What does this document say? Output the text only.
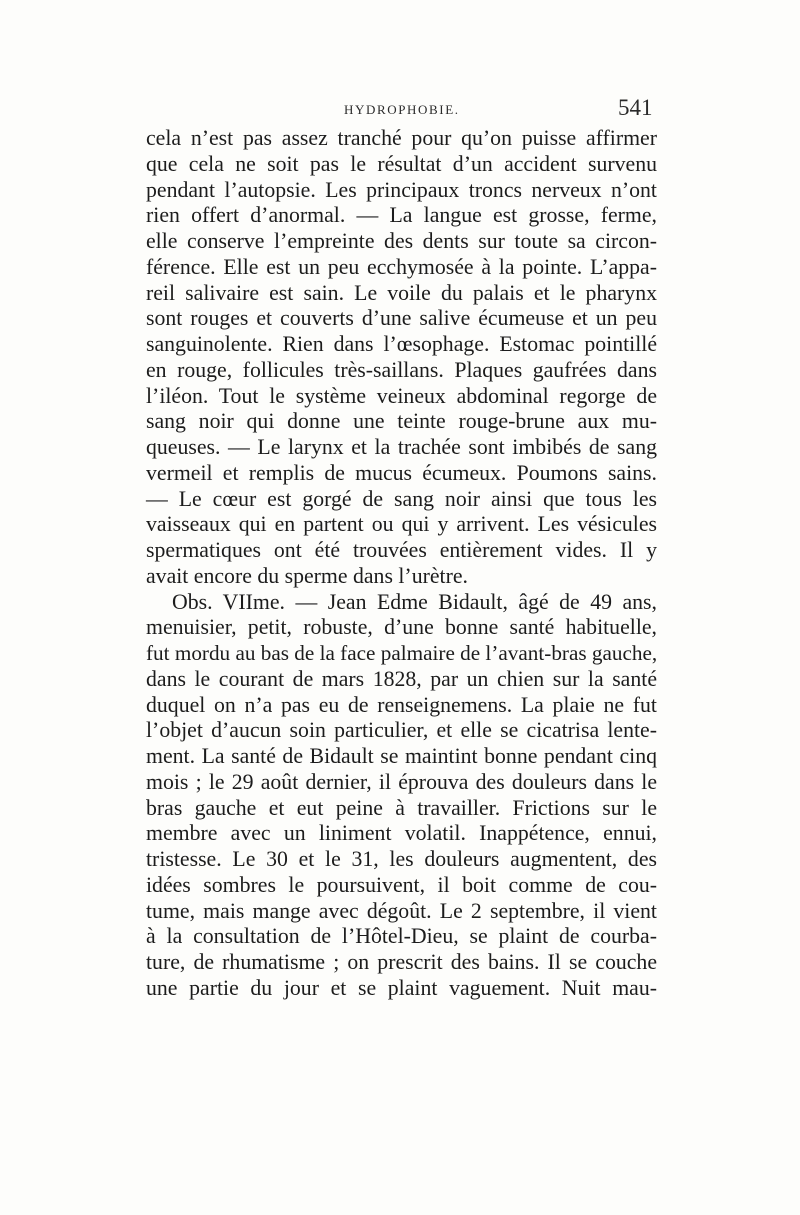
HYDROPHOBIE.	541
cela n’est pas assez tranché pour qu’on puisse affirmer
que cela ne soit pas le résultat d’un accident survenu
pendant l’autopsie. Les principaux troncs nerveux n’ont
rien offert d’anormal. — La langue est grosse, ferme,
elle conserve l’empreinte des dents sur toute sa circon-
férence. Elle est un peu ecchymosée à la pointe. L’appa-
reil salivaire est sain. Le voile du palais et le pharynx
sont rouges et couverts d’une salive écumeuse et un peu
sanguinolente. Rien dans l’œsophage. Estomac pointillé
en rouge, follicules très-saillans. Plaques gaufrées dans
l’iléon. Tout le système veineux abdominal regorge de
sang noir qui donne une teinte rouge-brune aux mu-
queuses. — Le larynx et la trachée sont imbibés de sang
vermeil et remplis de mucus écumeux. Poumons sains.
— Le cœur est gorgé de sang noir ainsi que tous les
vaisseaux qui en partent ou qui y arrivent. Les vésicules
spermatiques ont été trouvées entièrement vides. Il y
avait encore du sperme dans l’urètre.
Obs. VIIme. — Jean Edme Bidault, âgé de 49 ans,
menuisier, petit, robuste, d’une bonne santé habituelle,
fut mordu au bas de la face palmaire de l’avant-bras gauche,
dans le courant de mars 1828, par un chien sur la santé
duquel on n’a pas eu de renseignemens. La plaie ne fut
l’objet d’aucun soin particulier, et elle se cicatrisa lente-
ment. La santé de Bidault se maintint bonne pendant cinq
mois ; le 29 août dernier, il éprouva des douleurs dans le
bras gauche et eut peine à travailler. Frictions sur le
membre avec un liniment volatil. Inappétence, ennui,
tristesse. Le 30 et le 31, les douleurs augmentent, des
idées sombres le poursuivent, il boit comme de cou-
tume, mais mange avec dégoût. Le 2 septembre, il vient
à la consultation de l’Hôtel-Dieu, se plaint de courba-
ture, de rhumatisme ; on prescrit des bains. Il se couche
une partie du jour et se plaint vaguement. Nuit mau-
